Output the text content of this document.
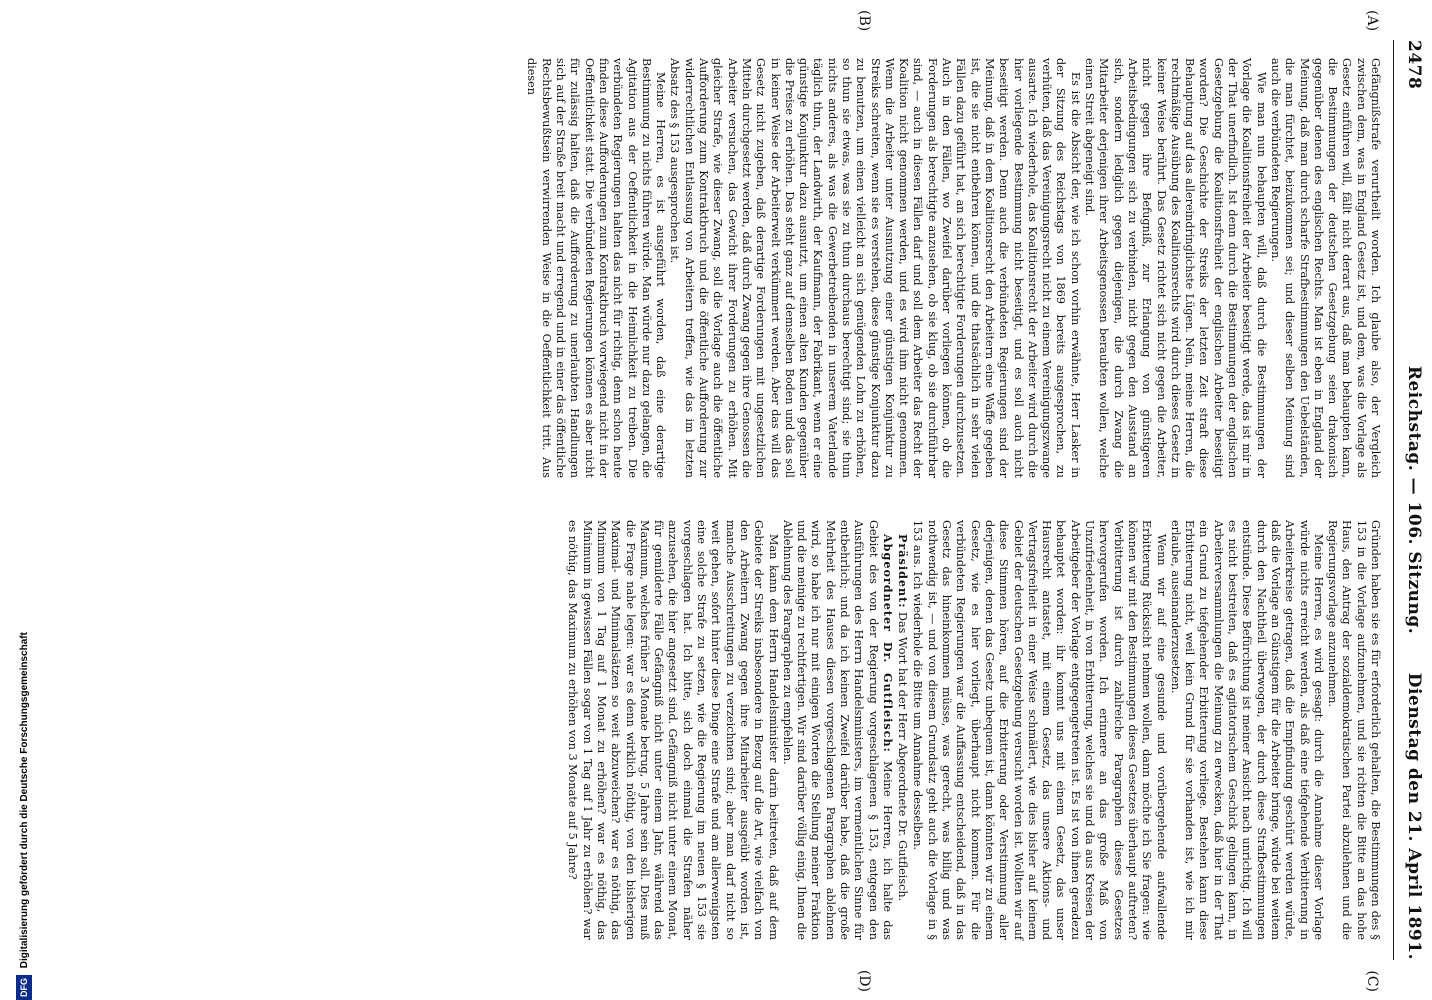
2478
Reichstag. — 106. Sitzung.
Dienstag den 21. April 1891.
(A)
(B)
(C)
(D)

Gefängnißstrafe verurtheilt worden. Ich glaube also, der Vergleich zwischen dem, was in England Gesetz ist, und dem, was die Vorlage als Gesetz einführen will, fällt nicht derart aus, daß man behaupten kann, die Bestimmungen der deutschen Gesetzgebung seien drakonisch gegenüber denen des englischen Rechts. Man ist eben in England der Meinung, daß man durch scharfe Strafbestimmungen den Uebelständen, die man fürchtet, beizukommen sei; und dieser selben Meinung sind auch die verbündeten Regierungen.

Wie man nun behaupten will, daß durch die Bestimmungen der Vorlage die Koalitionsfreiheit der Arbeiter beseitigt werde, das ist mir in der That unerfindlich. Ist denn durch die Bestimmungen der englischen Gesetzgebung die Koalitionsfreiheit der englischen Arbeiter beseitigt worden? Die Geschichte der Streiks der letzten Zeit straft diese Behauptung auf das allereindringlichste Lügen. Nein, meine Herren, die rechtmäßige Ausübung des Koalitionsrechts wird durch dieses Gesetz in keiner Weise berührt. Das Gesetz richtet sich nicht gegen die Arbeiter, nicht gegen ihre Befugniß, zur Erlangung von günstigeren Arbeitsbedingungen sich zu verbinden, nicht gegen den Ausstand an sich, sondern lediglich gegen diejenigen, die durch Zwang die Mitarbeiter derjenigen ihrer Arbeitsgenossen beraubten wollen, welche einen Streit abgeneigt sind.

Es ist die Absicht der, wie ich schon vorhin erwähnte, Herr Lasker in der Sitzung des Reichstags von 1869 bereits ausgesprochen, zu verhüten, daß das Vereinigungsrecht nicht zu einem Vereinigungszwange ausarte. Ich wiederhole, das Koalitionsrecht der Arbeiter wird durch die hier vorliegende Bestimmung nicht beseitigt, und es soll auch nicht beseitigt werden. Denn auch die verbündeten Regierungen sind der Meinung, daß in dem Koalitionsrecht den Arbeitern eine Waffe gegeben ist, die sie nicht entbehren können, und die thatsächlich in sehr vielen Fällen dazu geführt hat, an sich berechtigte Forderungen durchzusetzen. Auch in den Fällen, wo Zweifel darüber vorliegen können, ob die Forderungen als berechtigte anzusehen, ob sie klug, ob sie durchführbar sind, — auch in diesen Fällen darf und soll dem Arbeiter das Recht der Koalition nicht genommen werden, und es wird ihm nicht genommen. Wenn die Arbeiter unter Ausnutzung einer günstigen Konjunktur zu Streiks schreiten, wenn sie es verstehen, diese günstige Konjunktur dazu zu benutzen, um einen vielleicht an sich genügenden Lohn zu erhöhen, so thun sie etwas, was sie zu thun durchaus berechtigt sind; sie thun nichts anderes, als was die Gewerbetreibenden in unserem Vaterlande täglich thun, der Landwirth, der Kaufmann, der Fabrikant, wenn er eine günstige Konjunktur dazu ausnutzt, um einen alten Kunden gegenüber die Preise zu erhöhen. Das steht ganz auf demselben Boden und das soll in keiner Weise der Arbeiterwelt verkümmert werden. Aber das will das Gesetz nicht zugeben, daß derartige Forderungen mit ungesetzlichen Mitteln durchgesetzt werden, daß durch Zwang gegen ihre Genossen die Arbeiter versuchen, das Gewicht ihrer Forderungen zu erhöhen. Mit gleicher Strafe, wie dieser Zwang, soll die Vorlage auch die öffentliche Aufforderung zum Kontraktbruch und die öffentliche Aufforderung zur widerrechtlichen Entlassung von Arbeitern treffen, wie das im letzten Absatz des § 153 ausgesprochen ist.

Meine Herren, es ist ausgeführt worden, daß eine derartige Bestimmung zu nichts führen würde. Man würde nur dazu gelangen, die Agitation aus der Oeffentlichkeit in die Heimlichkeit zu treiben. Die verbündeten Regierungen halten das nicht für richtig, denn schon heute finden diese Aufforderungen zum Kontraktbruch vorwiegend nicht in der Oeffentlichkeit statt. Die verbündeten Regierungen können es aber nicht für zulässig halten, daß die Aufforderung zu unerlaubten Handlungen sich auf der Straße breit macht und erregend und in einer das öffentliche Rechtsbewußtsein verwirrenden Weise in die Oeffentlichkeit tritt. Aus diesen

Gründen haben sie es für erforderlich gehalten, die Bestimmungen des § 153 in die Vorlage aufzunehmen, und sie richten die Bitte an das hohe Haus, den Antrag der sozialdemokratischen Partei abzulehnen und die Regierungsvorlage anzunehmen.

Meine Herren, es wird gesagt: durch die Annahme dieser Vorlage würde nichts erreicht werden, als daß eine tiefgehende Verbitterung in Arbeiterkreise getragen, daß die Empfindung geschürt werden würde, daß die Vorlage an Günstigem für die Arbeiter bringe, würde bei weitem durch den Nachtheil überwogen, der durch diese Strafbestimmungen entstünde. Diese Befürchtung ist meiner Ansicht nach unrichtig. Ich will es nicht bestreiten, daß es agitatorischem Geschick gelingen kann, in Arbeiterversammlungen die Meinung zu erwecken, daß hier in der That ein Grund zu tiefgehender Erbitterung vorliege. Bestehen kann diese Erbitterung nicht, weil kein Grund für sie vorhanden ist, wie ich mir erlaube, auseinanderzusetzen.

Wenn wir auf eine gesunde und vorübergehende aufwallende Erbitterung Rücksicht nehmen wollen, dann möchte ich Sie fragen: wie können wir mit den Bestimmungen dieses Gesetzes überhaupt auftreten? Verbitterung ist durch zahlreiche Paragraphen dieses Gesetzes hervorgerufen worden. Ich erinnere an das große Maß von Unzufriedenheit, in von Erbitterung, welches sie und da aus Kreisen der Arbeitgeber der Vorlage entgegengetreten ist. Es ist von ihnen geradezu behauptet worden: ihr kommt uns mit einem Gesetz, das unser Hausrecht antastet, mit einem Gesetz, das unsere Aktions- und Vertragsfreiheit in einer Weise schmälert, wie dies bisher auf keinem Gebiet der deutschen Gesetzgebung versucht worden ist. Wollten wir auf diese Stimmen hören, auf die Erbitterung oder Verstimmung aller derjenigen, denen das Gesetz unbequem ist, dann könnten wir zu einem Gesetz, wie es hier vorliegt, überhaupt nicht kommen. Für die verbündeten Regierungen war die Auffassung entscheidend, daß in das Gesetz das hineinkommen müsse, was gerecht, was billig und was nothwendig ist, — und von diesem Grundsatz geht auch die Vorlage in § 153 aus. Ich wiederhole die Bitte um Annahme desselben.

Präsident: Das Wort hat der Herr Abgeordnete Dr. Gutfleisch.

Abgeordneter Dr. Gutfleisch: Meine Herren, ich halte das Gebiet des von der Regierung vorgeschlagenen § 153, entgegen den Ausführungen des Herrn Handelsministers, im vermeintlichen Sinne für entbehrlich; und da ich keinen Zweifel darüber habe, daß die große Mehrheit des Hauses diesen vorgeschlagenen Paragraphen ablehnen wird, so habe ich nur mit einigen Worten die Stellung meiner Fraktion und die meinige zu rechtfertigen. Wir sind darüber völlig einig, Ihnen die Ablehnung des Paragraphen zu empfehlen.

Man kann dem Herrn Handelsminister darin beitreten, daß auf dem Gebiete der Streiks insbesondere in Bezug auf die Art, wie vielfach von den Arbeitern Zwang gegen ihre Mitarbeiter ausgeübt worden ist, manche Ausschreitungen zu verzeichnen sind; aber man darf nicht so weit gehen, sofort hinter diese Dinge eine Strafe und am allerwenigsten eine solche Strafe zu setzen, wie die Regierung im neuen § 153 sie vorgeschlagen hat. Ich bitte, sich doch einmal die Strafen näher anzusehen, die hier angesetzt sind. Gefängniß nicht unter einem Monat, für gemilderte Fälle Gefängniß nicht unter einem Jahr, während das Maximum, welches früher 3 Monate betrug, 5 Jahre sein soll. Dies muß die Frage nahe legen: war es denn wirklich nöthig, von den bisherigen Maximal- und Minimalsätzen so weit abzuweichen? war es nöthig, das Minimum von 1 Tag auf 1 Monat zu erhöhen? war es nöthig, das Minimum in gewissen Fällen sogar von 1 Tag auf 1 Jahr zu erhöhen? war es nöthig, das Maximum zu erhöhen von 3 Monate auf 5 Jahre?

DFG Digitalisierung gefördert durch die Deutsche Forschungsgemeinschaft
